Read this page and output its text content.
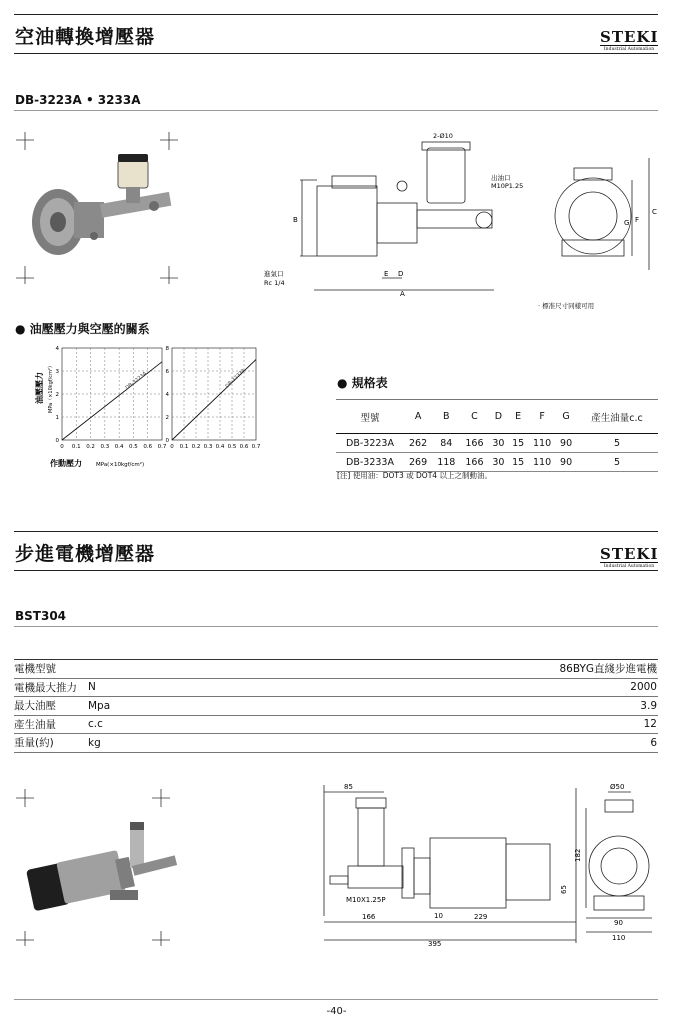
空油轉換增壓器	STEKI
Industrial Automation
DB-3223A • 3233A
2-Ø10
出油口
M10P1.25
進氣口
Rc 1/4
A
B
C
D
E
F
G
· 標准尺寸同樣可用
● 油壓壓力與空壓的關系
油壓壓力 MPa（×10kgf/cm²）
作動壓力	MPa(×10kgf/cm²)
0 0.1 0.2 0.3 0.4 0.5 0.6 0.7
0
1
2
3
4
DB-3223A
0 0.1 0.2 0.3 0.4 0.5 0.6 0.7
0
2
4
6
8
DB-3233A	● 規格表
型號	A	B	C	D	E	F	G	產生油量c.c
DB-3223A	262	84	166	30	15	110	90	5
DB-3233A	269	118	166	30	15	110	90	5
[注] 使用油：DOT3 或 DOT4 以上之制動油。
步進電機增壓器	STEKI
Industrial Automation
BST304
電機型號		86BYG直綫步進電機
電機最大推力	N	2000
最大油壓	Mpa	3.9
產生油量	c.c	12
重量(約)	kg	6
85	Ø50
182
65
M10X1.25P
10
166	229
395
90
110
-40-
